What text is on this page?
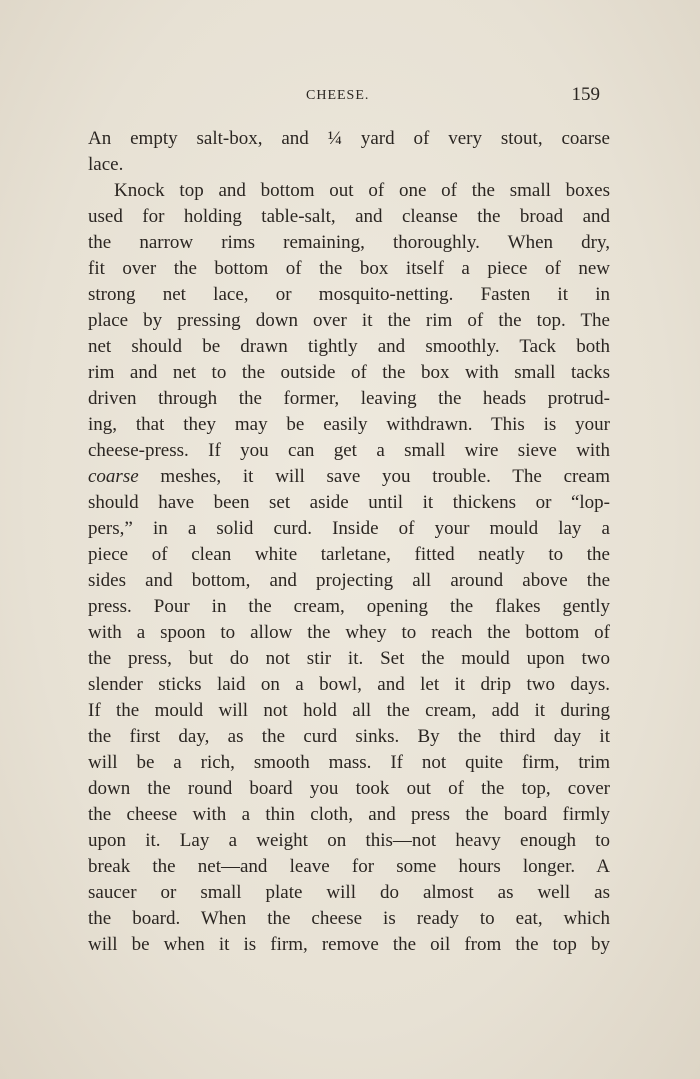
CHEESE.	159
An empty salt-box, and ¼ yard of very stout, coarse
lace.
Knock top and bottom out of one of the small boxes
used for holding table-salt, and cleanse the broad and
the narrow rims remaining, thoroughly. When dry,
fit over the bottom of the box itself a piece of new
strong net lace, or mosquito-netting. Fasten it in
place by pressing down over it the rim of the top. The
net should be drawn tightly and smoothly. Tack both
rim and net to the outside of the box with small tacks
driven through the former, leaving the heads protrud-
ing, that they may be easily withdrawn. This is your
cheese-press. If you can get a small wire sieve with
coarse meshes, it will save you trouble. The cream
should have been set aside until it thickens or “lop-
pers,” in a solid curd. Inside of your mould lay a
piece of clean white tarletane, fitted neatly to the
sides and bottom, and projecting all around above the
press. Pour in the cream, opening the flakes gently
with a spoon to allow the whey to reach the bottom of
the press, but do not stir it. Set the mould upon two
slender sticks laid on a bowl, and let it drip two days.
If the mould will not hold all the cream, add it during
the first day, as the curd sinks. By the third day it
will be a rich, smooth mass. If not quite firm, trim
down the round board you took out of the top, cover
the cheese with a thin cloth, and press the board firmly
upon it. Lay a weight on this—not heavy enough to
break the net—and leave for some hours longer. A
saucer or small plate will do almost as well as
the board. When the cheese is ready to eat, which
will be when it is firm, remove the oil from the top by
